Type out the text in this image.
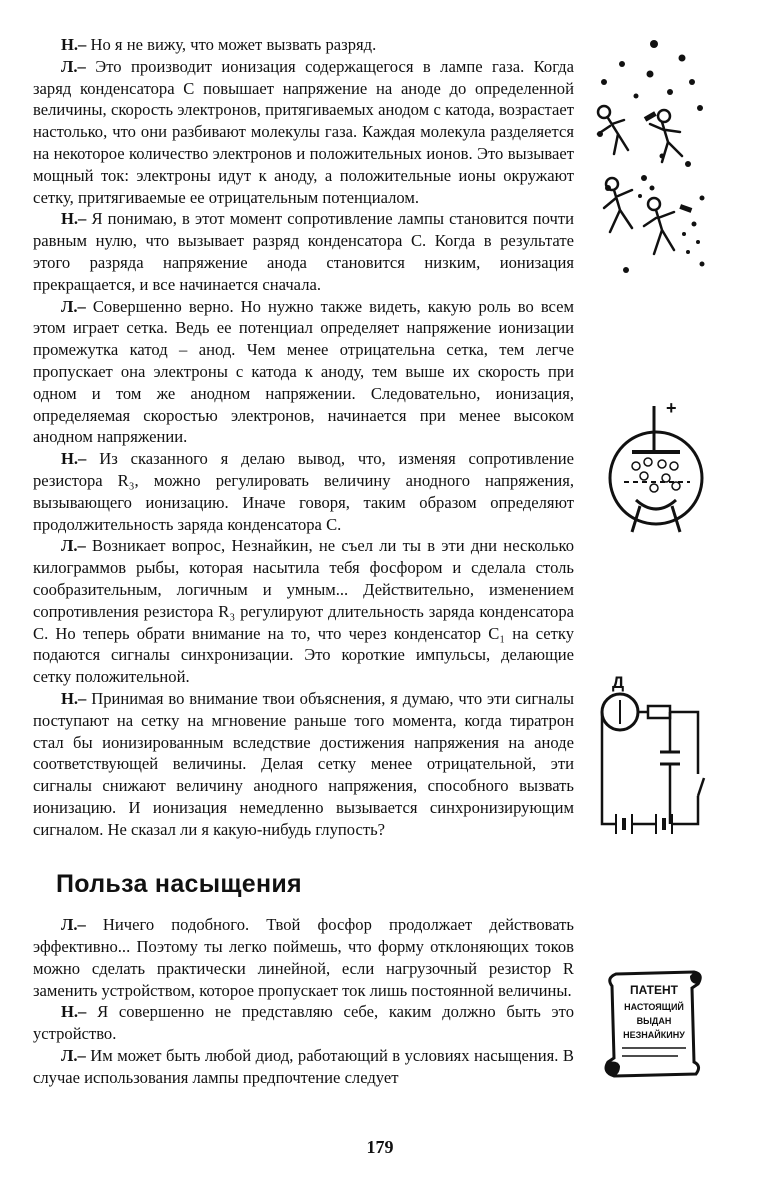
Н.– Но я не вижу, что может вызвать разряд.

Л.– Это производит ионизация содержащегося в лампе газа. Когда заряд конденсатора С повышает напряжение на аноде до определенной величины, скорость электронов, притягиваемых анодом с катода, возрастает настолько, что они разбивают молекулы газа. Каждая молекула разделяется на некоторое количество электронов и положительных ионов. Это вызывает мощный ток: электроны идут к аноду, а положительные ионы окружают сетку, притягиваемые ее отрицательным потенциалом.

Н.– Я понимаю, в этот момент сопротивление лампы становится почти равным нулю, что вызывает разряд конденсатора С. Когда в результате этого разряда напряжение анода становится низким, ионизация прекращается, и все начинается сначала.

Л.– Совершенно верно. Но нужно также видеть, какую роль во всем этом играет сетка. Ведь ее потенциал определяет напряжение ионизации промежутка катод – анод. Чем менее отрицательна сетка, тем легче пропускает она электроны с катода к аноду, тем выше их скорость при одном и том же анодном напряжении. Следовательно, ионизация, определяемая скоростью электронов, начинается при менее высоком анодном напряжении.

Н.– Из сказанного я делаю вывод, что, изменяя сопротивление резистора R₃, можно регулировать величину анодного напряжения, вызывающего ионизацию. Иначе говоря, таким образом определяют продолжительность заряда конденсатора С.

Л.– Возникает вопрос, Незнайкин, не съел ли ты в эти дни несколько килограммов рыбы, которая насытила тебя фосфором и сделала столь сообразительным, логичным и умным... Действительно, изменением сопротивления резистора R₃ регулируют длительность заряда конденсатора С. Но теперь обрати внимание на то, что через конденсатор С₁ на сетку подаются сигналы синхронизации. Это короткие импульсы, делающие сетку положительной.

Н.– Принимая во внимание твои объяснения, я думаю, что эти сигналы поступают на сетку на мгновение раньше того момента, когда тиратрон стал бы ионизированным вследствие достижения напряжения на аноде соответствующей величины. Делая сетку менее отрицательной, эти сигналы снижают величину анодного напряжения, способного вызвать ионизацию. И ионизация немедленно вызывается синхронизирующим сигналом. Не сказал ли я какую-нибудь глупость?

Польза насыщения

Л.– Ничего подобного. Твой фосфор продолжает действовать эффективно... Поэтому ты легко поймешь, что форму отклоняющих токов можно сделать практически линейной, если нагрузочный резистор R заменить устройством, которое пропускает ток лишь постоянной величины.

Н.– Я совершенно не представляю себе, каким должно быть это устройство.

Л.– Им может быть любой диод, работающий в условиях насыщения. В случае использования лампы предпочтение следует

+
Д
ПАТЕНТ
НАСТОЯЩИЙ
ВЫДАН
НЕЗНАЙКИНУ
179
